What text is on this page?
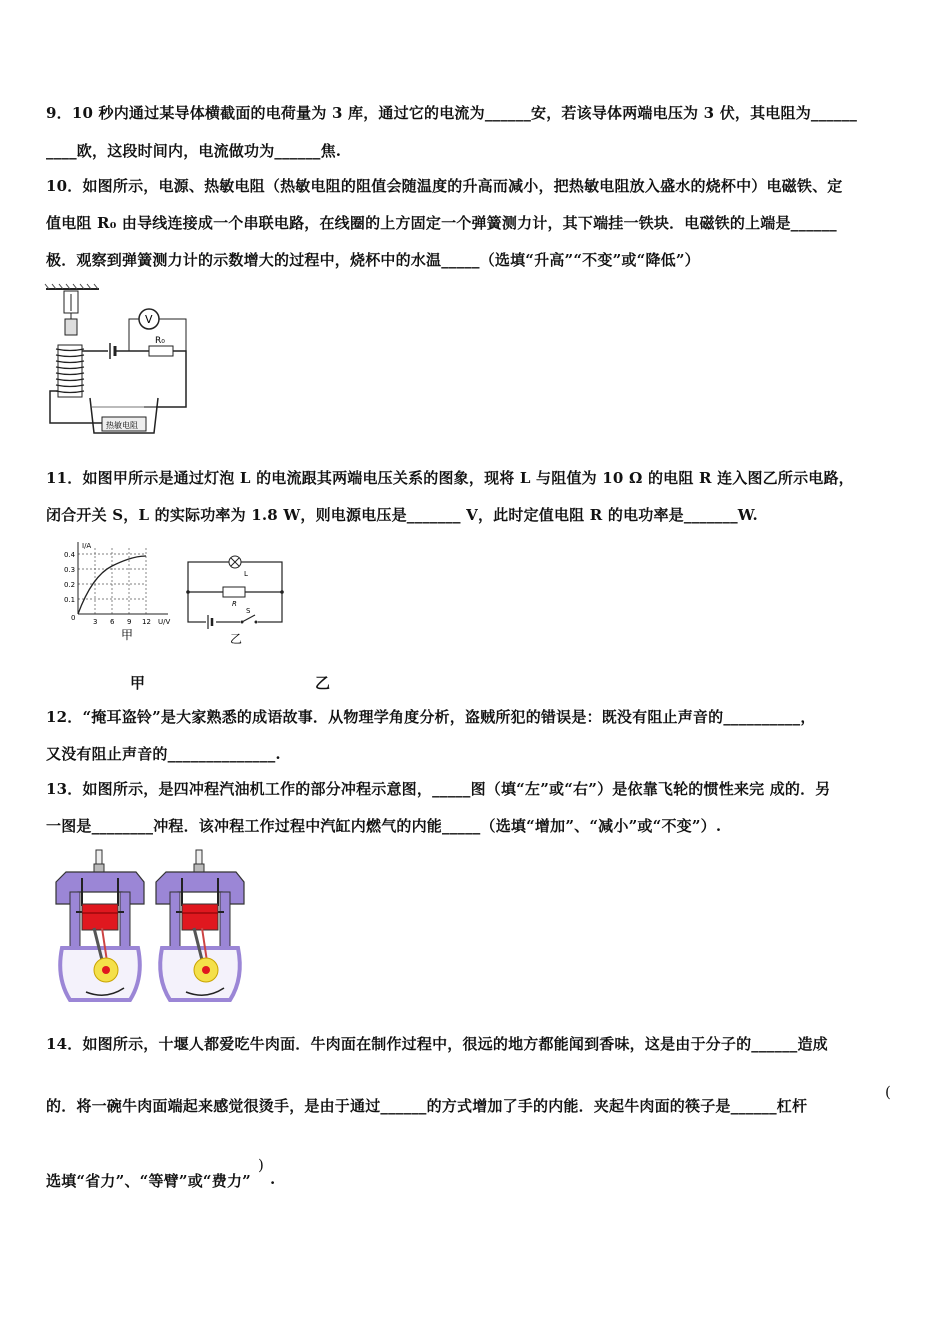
9．10 秒内通过某导体横截面的电荷量为 3 库，通过它的电流为______安，若该导体两端电压为 3 伏，其电阻为______
____欧，这段时间内，电流做功为______焦.
10．如图所示，电源、热敏电阻（热敏电阻的阻值会随温度的升高而减小，把热敏电阻放入盛水的烧杯中）电磁铁、定
值电阻 R₀ 由导线连接成一个串联电路，在线圈的上方固定一个弹簧测力计，其下端挂一铁块．电磁铁的上端是______
极．观察到弹簧测力计的示数增大的过程中，烧杯中的水温_____（选填“升高”“不变”或“降低”）
R₀
V
热敏电阻
11．如图甲所示是通过灯泡 L 的电流跟其两端电压关系的图象，现将 L 与阻值为 10 Ω 的电阻 R 连入图乙所示电路，
闭合开关 S，L 的实际功率为 1.8 W，则电源电压是_______ V，此时定值电阻 R 的电功率是_______W.
I/A
U/V
0
0.4
0.3
0.2
0.1
3 6 9 12
甲
L
R
S
乙
甲	乙
12．“掩耳盗铃”是大家熟悉的成语故事．从物理学角度分析，盗贼所犯的错误是：既没有阻止声音的__________，
又没有阻止声音的______________.
13．如图所示，是四冲程汽油机工作的部分冲程示意图，_____图（填“左”或“右”）是依靠飞轮的惯性来完 成的．另
一图是________冲程．该冲程工作过程中汽缸内燃气的内能_____（选填“增加”、“减小”或“不变”）.
14．如图所示，十堰人都爱吃牛肉面．牛肉面在制作过程中，很远的地方都能闻到香味，这是由于分子的______造成
的．将一碗牛肉面端起来感觉很烫手，是由于通过______的方式增加了手的内能．夹起牛肉面的筷子是______杠杆
(
选填“省力”、“等臂”或“费力”
)
.
